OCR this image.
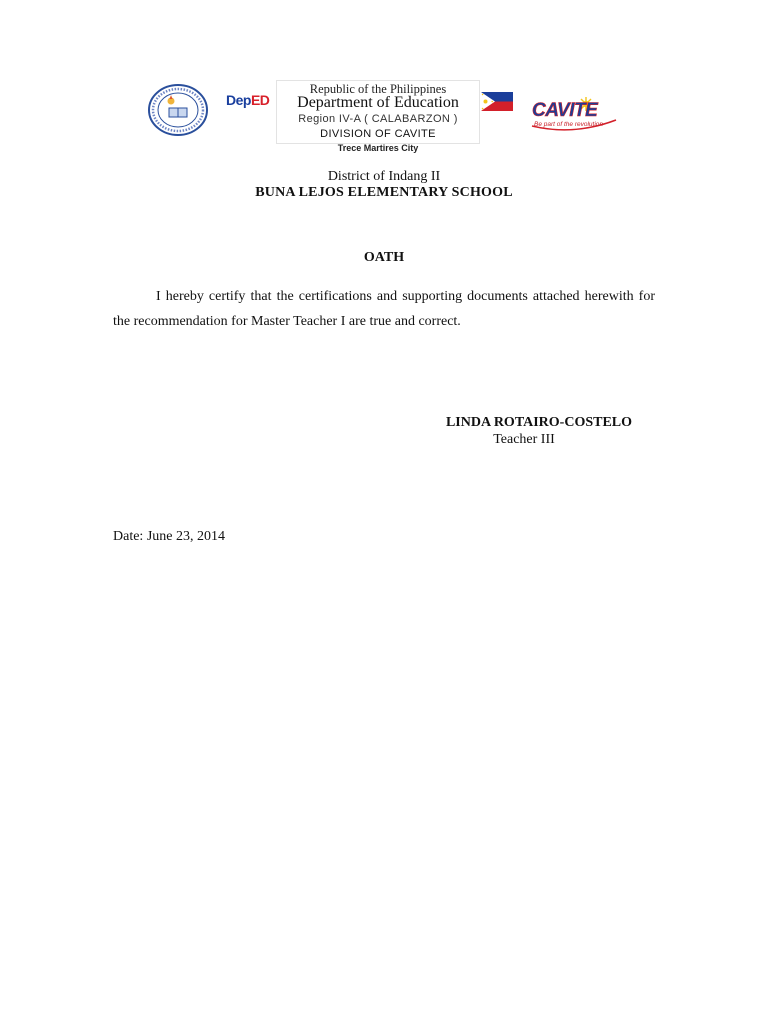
DepED
Republic of the Philippines
Department of Education
Region IV-A ( CALABARZON )
DIVISION OF CAVITE
Trece Martires City
CAVITE
Be part of the revolution
District of Indang II
BUNA LEJOS ELEMENTARY SCHOOL
OATH
I hereby certify that the certifications and supporting documents attached herewith for the recommendation for Master Teacher I are true and correct.
LINDA ROTAIRO-COSTELO
Teacher III
Date: June 23, 2014
